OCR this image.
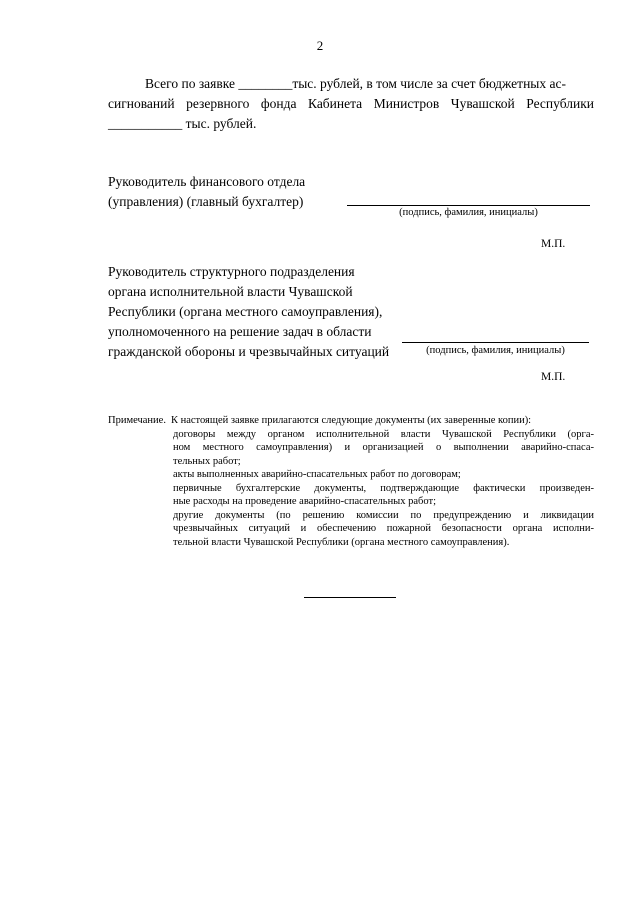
2
Всего по заявке ________тыс. рублей, в том числе за счет бюджетных ас-
сигнований резервного фонда Кабинета Министров Чувашской Республики
___________ тыс. рублей.
Руководитель финансового отдела
(управления) (главный бухгалтер)
(подпись, фамилия, инициалы)
М.П.
Руководитель структурного подразделения
органа исполнительной власти Чувашской
Республики (органа местного самоуправления),
уполномоченного на решение задач в области
гражданской обороны и чрезвычайных ситуаций	(подпись, фамилия, инициалы)
М.П.
Примечание. К настоящей заявке прилагаются следующие документы (их заверенные копии):
договоры между органом исполнительной власти Чувашской Республики (орга-
ном местного самоуправления) и организацией о выполнении аварийно-спаса-
тельных работ;
акты выполненных аварийно-спасательных работ по договорам;
первичные бухгалтерские документы, подтверждающие фактически произведен-
ные расходы на проведение аварийно-спасательных работ;
другие документы (по решению комиссии по предупреждению и ликвидации
чрезвычайных ситуаций и обеспечению пожарной безопасности органа исполни-
тельной власти Чувашской Республики (органа местного самоуправления).
